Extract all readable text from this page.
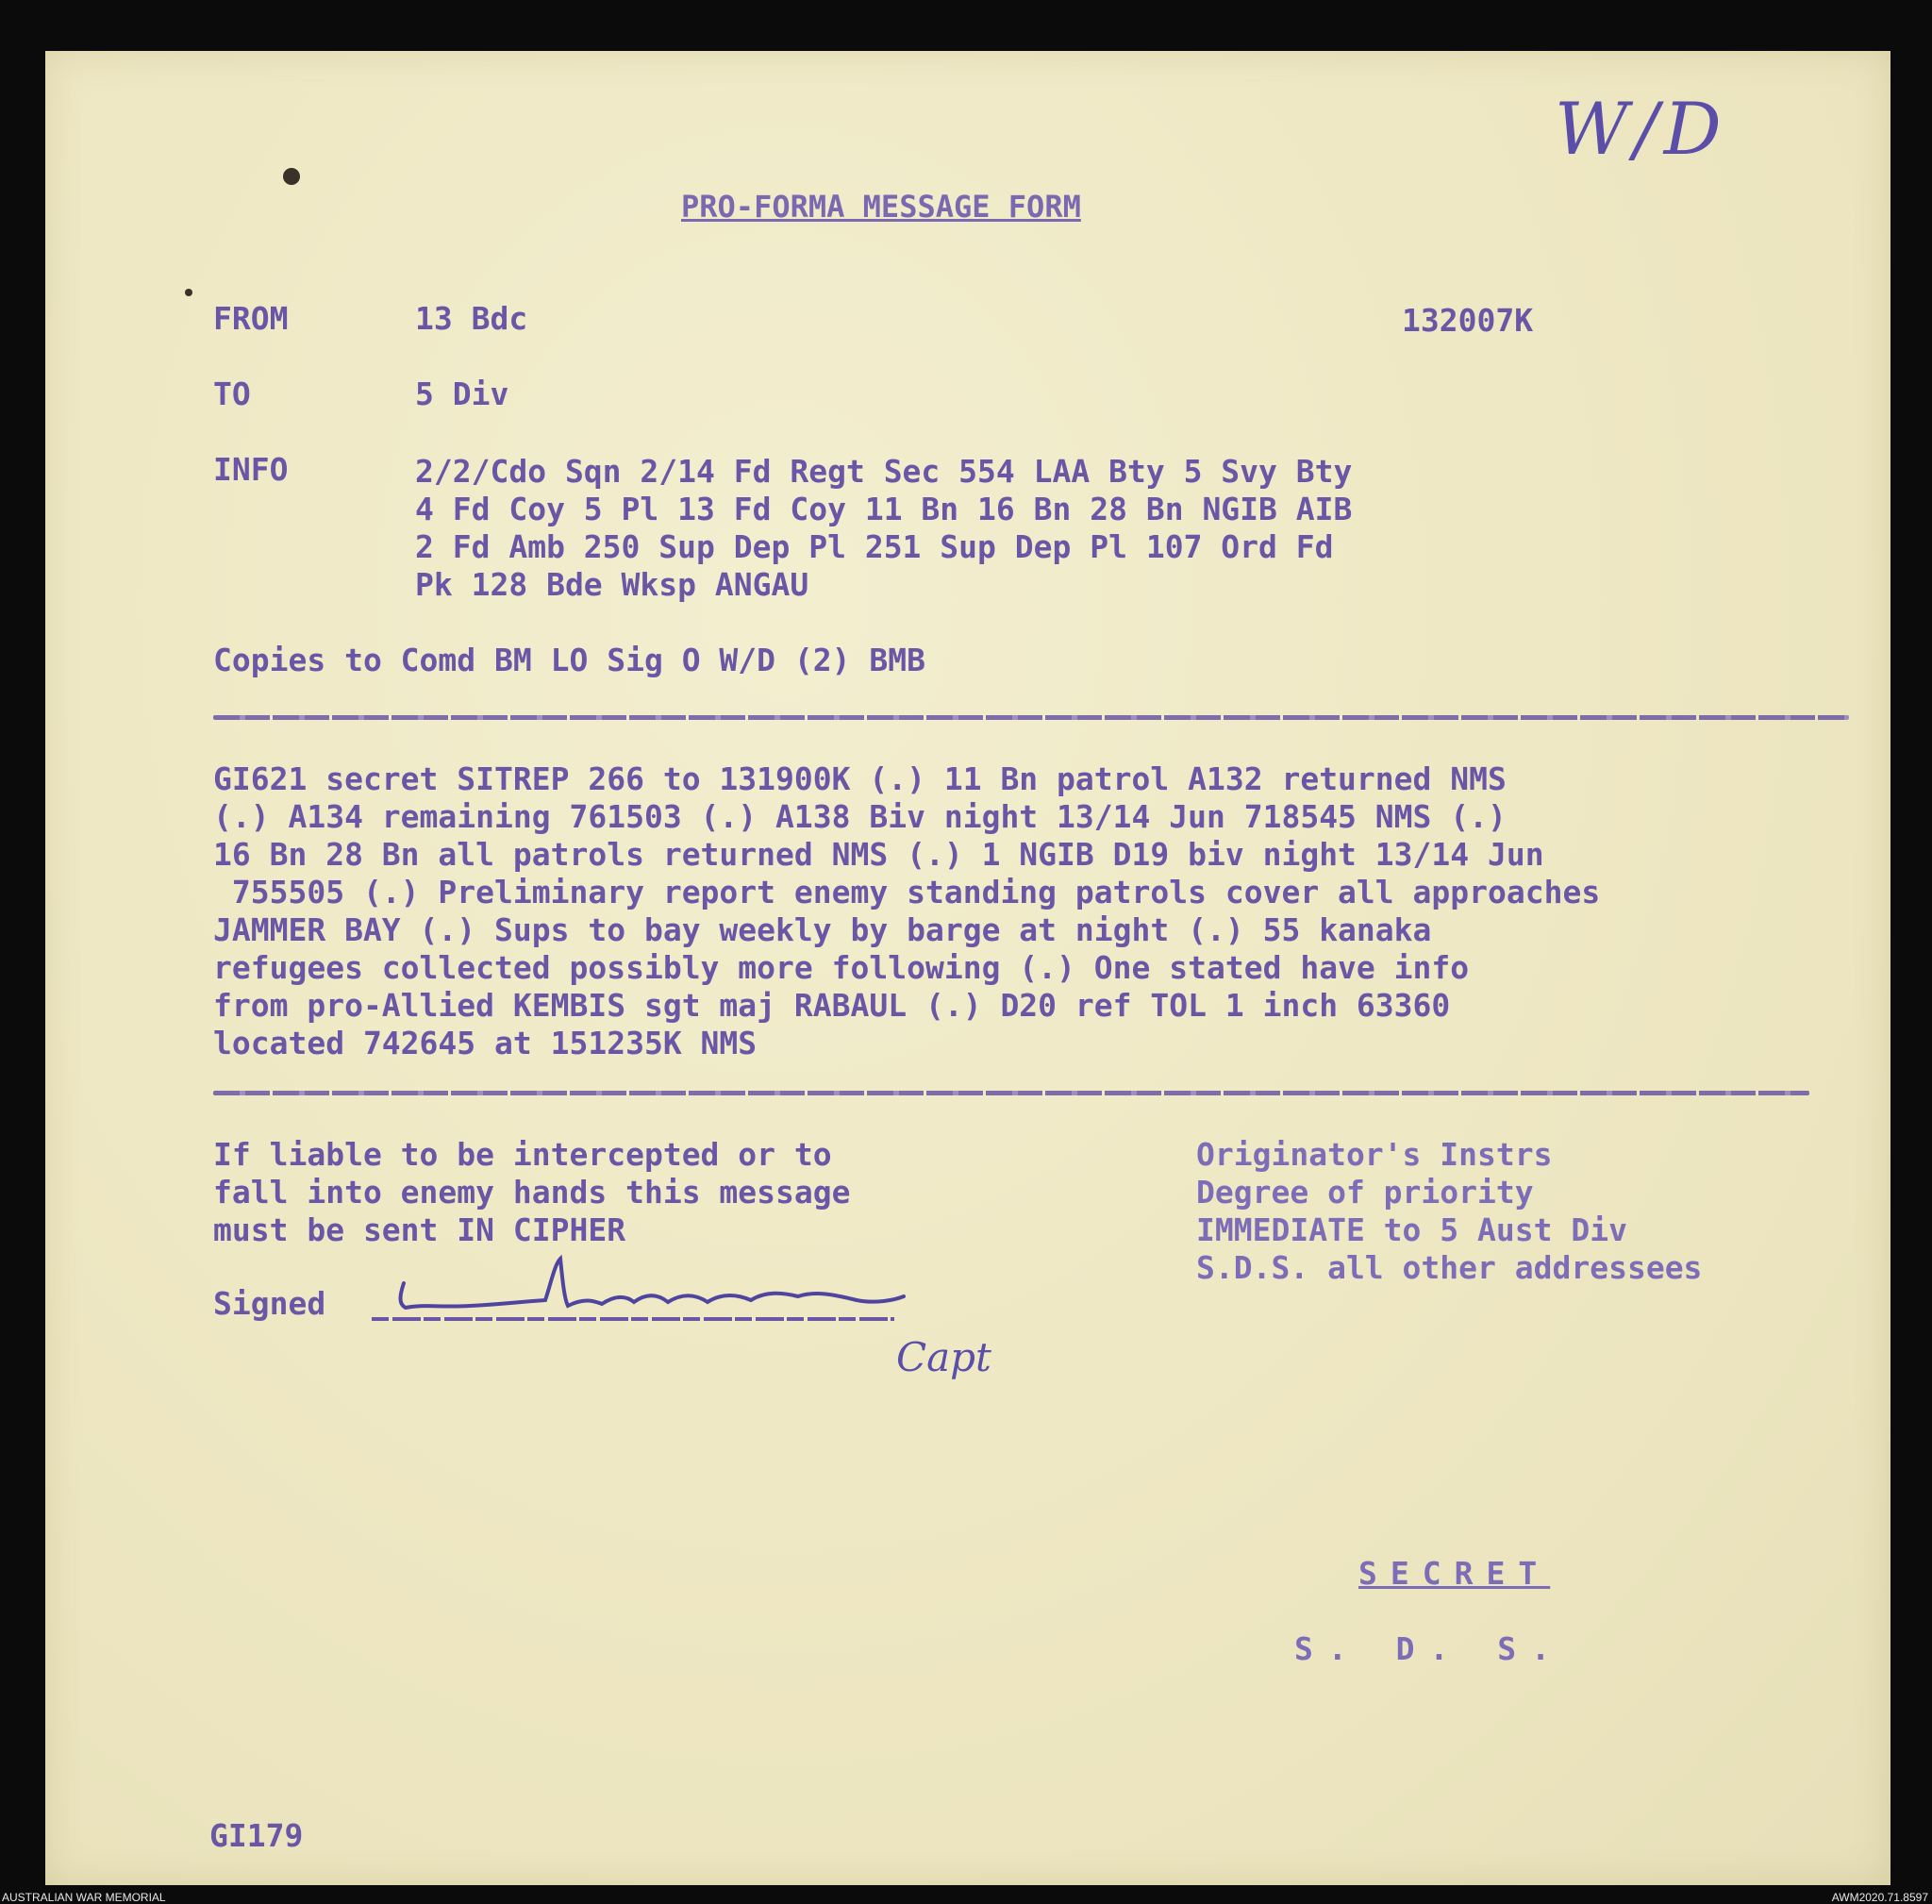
W/D
PRO-FORMA MESSAGE FORM
FROM	13 Bdc	132007K
TO	5 Div
INFO	2/2/Cdo Sqn 2/14 Fd Regt Sec 554 LAA Bty 5 Svy Bty
4 Fd Coy 5 Pl 13 Fd Coy 11 Bn 16 Bn 28 Bn NGIB AIB
2 Fd Amb 250 Sup Dep Pl 251 Sup Dep Pl 107 Ord Fd
Pk 128 Bde Wksp ANGAU
Copies to Comd BM LO Sig O W/D (2) BMB
GI621 secret SITREP 266 to 131900K (.) 11 Bn patrol A132 returned NMS
(.) A134 remaining 761503 (.) A138 Biv night 13/14 Jun 718545 NMS (.)
16 Bn 28 Bn all patrols returned NMS (.) 1 NGIB D19 biv night 13/14 Jun
755505 (.) Preliminary report enemy standing patrols cover all approaches
JAMMER BAY (.) Sups to bay weekly by barge at night (.) 55 kanaka
refugees collected possibly more following (.) One stated have info
from pro-Allied KEMBIS sgt maj RABAUL (.) D20 ref TOL 1 inch 63360
located 742645 at 151235K NMS
If liable to be intercepted or to
fall into enemy hands this message
must be sent IN CIPHER
Originator's Instrs
Degree of priority
IMMEDIATE to 5 Aust Div
S.D.S. all other addressees
Signed
Capt
SECRET
S. D. S.
GI179
AUSTRALIAN WAR MEMORIAL	AWM2020.71.8597
